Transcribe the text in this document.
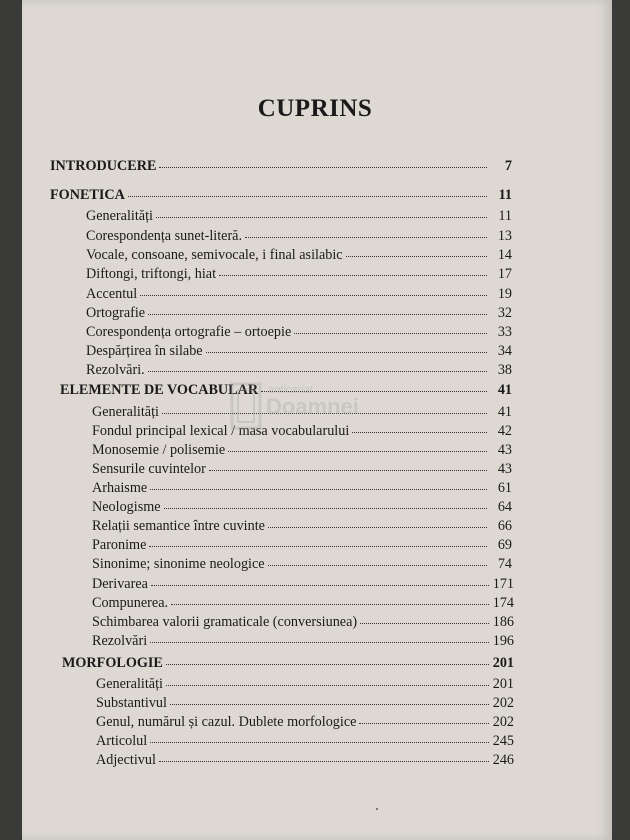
CUPRINS
INTRODUCERE	7
FONETICA	11
Generalități	11
Corespondența sunet-literă.	13
Vocale, consoane, semivocale, i final asilabic	14
Diftongi, triftongi, hiat	17
Accentul	19
Ortografie	32
Corespondența ortografie – ortoepie	33
Despărțirea în silabe	34
Rezolvări.	38
ELEMENTE DE VOCABULAR	41
Generalități	41
Fondul principal lexical / masa vocabularului	42
Monosemie / polisemie	43
Sensurile cuvintelor	43
Arhaisme	61
Neologisme	64
Relații semantice între cuvinte	66
Paronime	69
Sinonime; sinonime neologice	74
Derivarea	171
Compunerea.	174
Schimbarea valorii gramaticale (conversiunea)	186
Rezolvări	196
MORFOLOGIE	201
Generalități	201
Substantivul	202
Genul, numărul și cazul. Dublete morfologice	202
Articolul	245
Adjectivul	246
anticariat
Doamnei
